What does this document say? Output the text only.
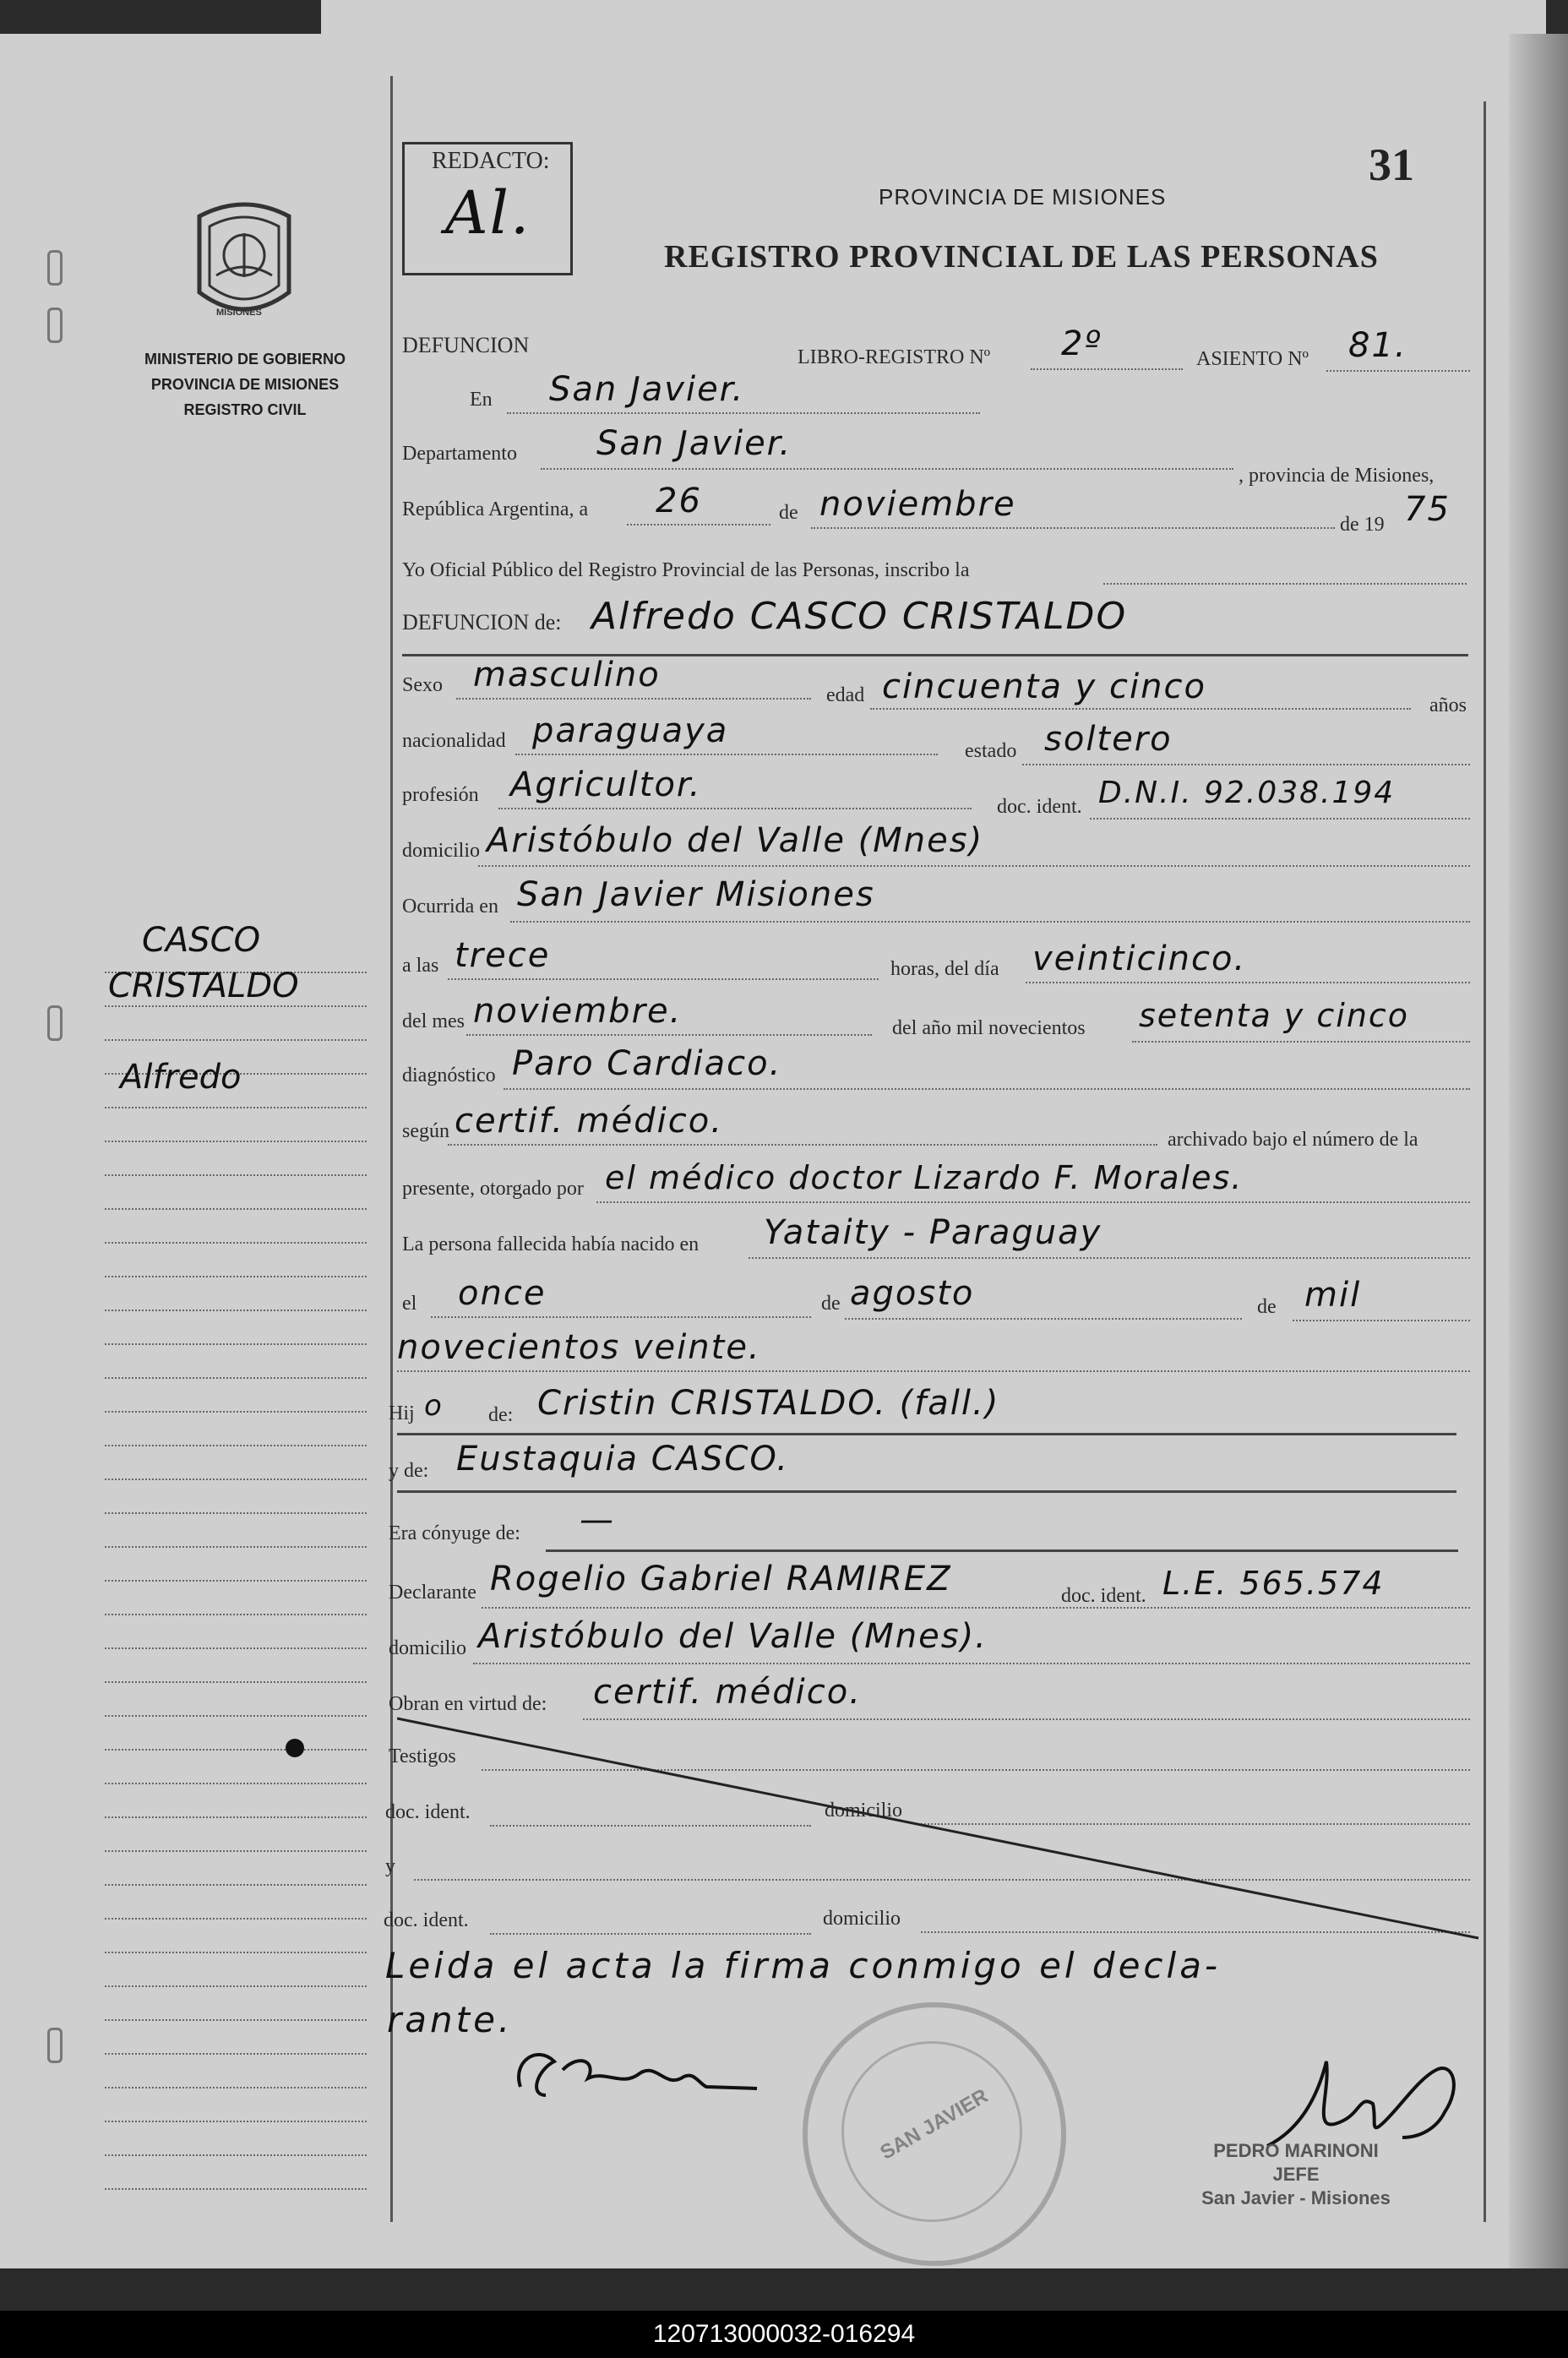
MISIONES
MINISTERIO DE GOBIERNO
PROVINCIA DE MISIONES
REGISTRO CIVIL
CASCO
CRISTALDO
Alfredo
REDACTO:
Al.
31
PROVINCIA DE MISIONES
REGISTRO PROVINCIAL DE LAS PERSONAS
DEFUNCION	LIBRO-REGISTRO Nº 2º	ASIENTO Nº 81.
En San Javier.
Departamento San Javier.
, provincia de Misiones,
República Argentina, a 26	de noviembre
de 19 75
Yo Oficial Público del Registro Provincial de las Personas, inscribo la
DEFUNCION de: Alfredo CASCO CRISTALDO
Sexo masculino
edad cincuenta y cinco	años
nacionalidad paraguaya
estado soltero
profesión Agricultor.
doc. ident. D.N.I. 92.038.194
domicilio Aristóbulo del Valle (Mnes)
Ocurrida en San Javier Misiones
a las trece	horas, del día veinticinco.
del mes noviembre.	del año mil novecientos setenta y cinco
diagnóstico Paro Cardiaco.
según certif. médico.	archivado bajo el número de la
presente, otorgado por el médico doctor Lizardo F. Morales.
La persona fallecida había nacido en Yataity - Paraguay
el once	de agosto	de mil
novecientos veinte.
Hij o de: Cristin CRISTALDO. (fall.)
y de: Eustaquia CASCO.
Era cónyuge de: —
Declarante Rogelio Gabriel RAMIREZ	doc. ident. L.E. 565.574
domicilio Aristóbulo del Valle (Mnes).
Obran en virtud de: certif. médico.
Testigos
doc. ident.	domicilio
y
doc. ident.	domicilio
Leida el acta la firma conmigo el decla-
rante.
SAN JAVIER	PEDRO MARINONI
JEFE
San Javier - Misiones
120713000032-016294
